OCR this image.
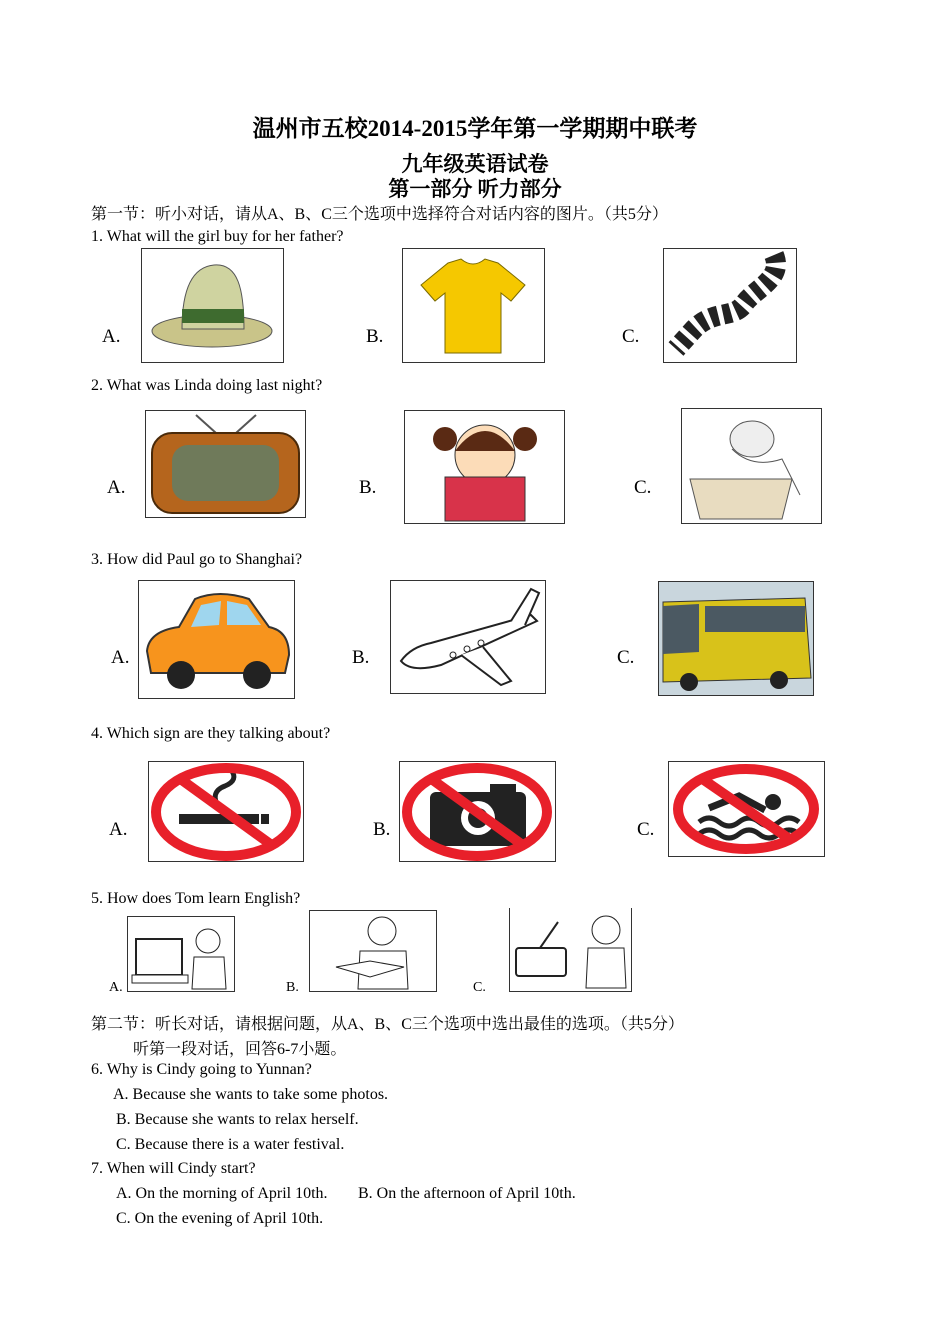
温州市五校2014-2015学年第一学期期中联考
九年级英语试卷
第一部分 听力部分
第一节：听小对话，请从A、B、C三个选项中选择符合对话内容的图片。（共5分）
1. What will the girl buy for her father?
A.	B.	C.
2. What was Linda doing last night?
A.	B.	C.
3. How did Paul go to Shanghai?
A.	B.	C.
4. Which sign are they talking about?
A.	B.	C.
5. How does Tom learn English?
A.	B.	C.
第二节：听长对话，请根据问题，从A、B、C三个选项中选出最佳的选项。（共5分）
听第一段对话，回答6-7小题。
6. Why is Cindy going to Yunnan?
A. Because she wants to take some photos.
B. Because she wants to relax herself.
C. Because there is a water festival.
7. When will Cindy start?
A. On the morning of April 10th. B. On the afternoon of April 10th.
C. On the evening of April 10th.
